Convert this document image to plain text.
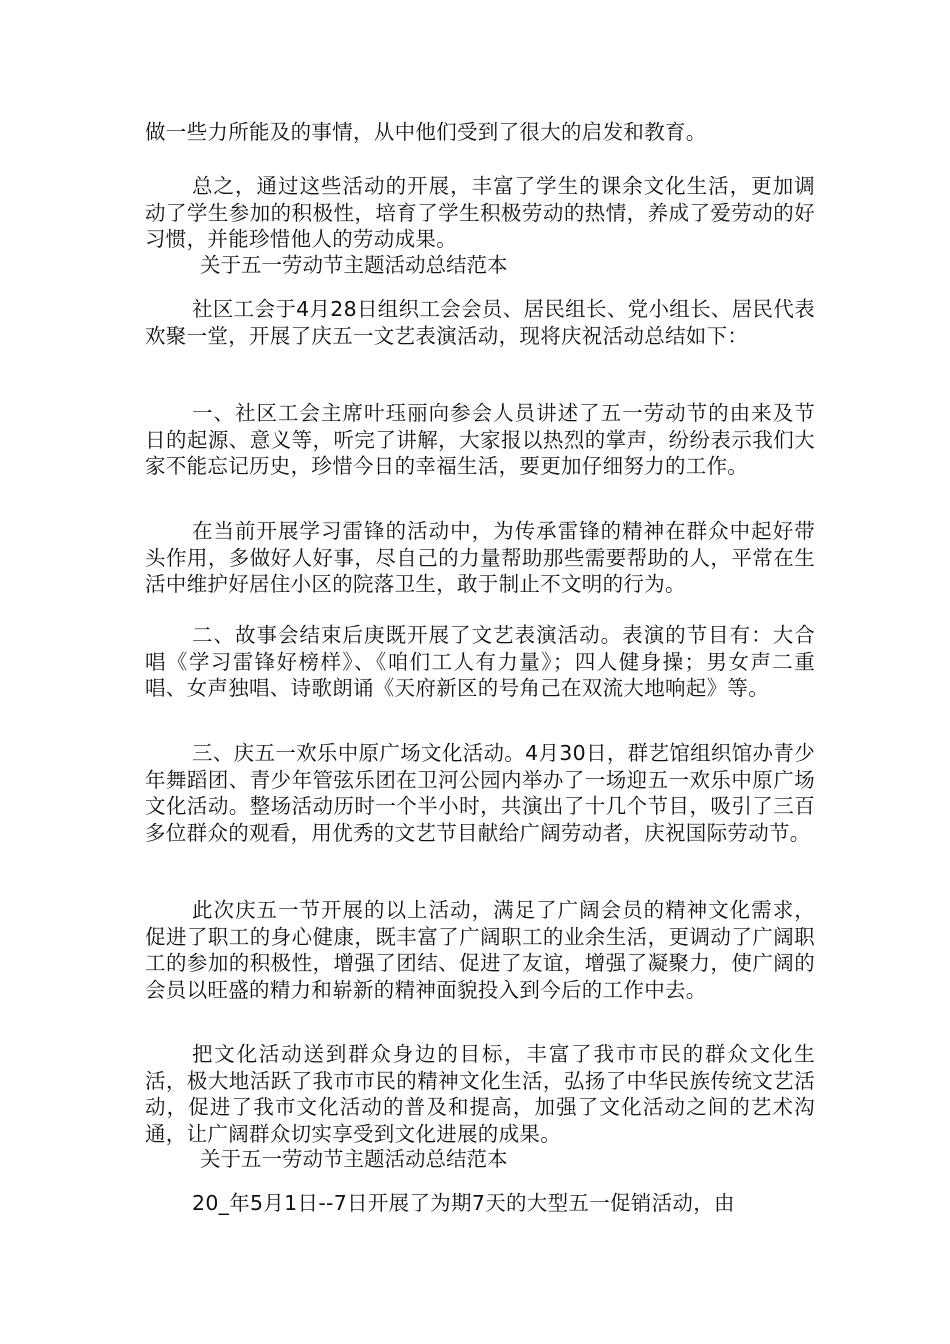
做一些力所能及的事情，从中他们受到了很大的启发和教育。
总之，通过这些活动的开展，丰富了学生的课余文化生活，更加调动了学生参加的积极性，培育了学生积极劳动的热情，养成了爱劳动的好习惯，并能珍惜他人的劳动成果。
关于五一劳动节主题活动总结范本
社区工会于4月28日组织工会会员、居民组长、党小组长、居民代表欢聚一堂，开展了庆五一文艺表演活动，现将庆祝活动总结如下：
一、社区工会主席叶珏丽向参会人员讲述了五一劳动节的由来及节日的起源、意义等，听完了讲解，大家报以热烈的掌声，纷纷表示我们大家不能忘记历史，珍惜今日的幸福生活，要更加仔细努力的工作。
在当前开展学习雷锋的活动中，为传承雷锋的精神在群众中起好带头作用，多做好人好事，尽自己的力量帮助那些需要帮助的人，平常在生活中维护好居住小区的院落卫生，敢于制止不文明的行为。
二、故事会结束后庚既开展了文艺表演活动。表演的节目有：大合唱《学习雷锋好榜样》、《咱们工人有力量》；四人健身操；男女声二重唱、女声独唱、诗歌朗诵《天府新区的号角己在双流大地响起》等。
三、庆五一欢乐中原广场文化活动。4月30日，群艺馆组织馆办青少年舞蹈团、青少年管弦乐团在卫河公园内举办了一场迎五一欢乐中原广场文化活动。整场活动历时一个半小时，共演出了十几个节目，吸引了三百多位群众的观看，用优秀的文艺节目献给广阔劳动者，庆祝国际劳动节。
此次庆五一节开展的以上活动，满足了广阔会员的精神文化需求，促进了职工的身心健康，既丰富了广阔职工的业余生活，更调动了广阔职工的参加的积极性，增强了团结、促进了友谊，增强了凝聚力，使广阔的会员以旺盛的精力和崭新的精神面貌投入到今后的工作中去。
把文化活动送到群众身边的目标，丰富了我市市民的群众文化生活，极大地活跃了我市市民的精神文化生活，弘扬了中华民族传统文艺活动，促进了我市文化活动的普及和提高，加强了文化活动之间的艺术沟通，让广阔群众切实享受到文化进展的成果。
关于五一劳动节主题活动总结范本
20_年5月1日--7日开展了为期7天的大型五一促销活动，由
